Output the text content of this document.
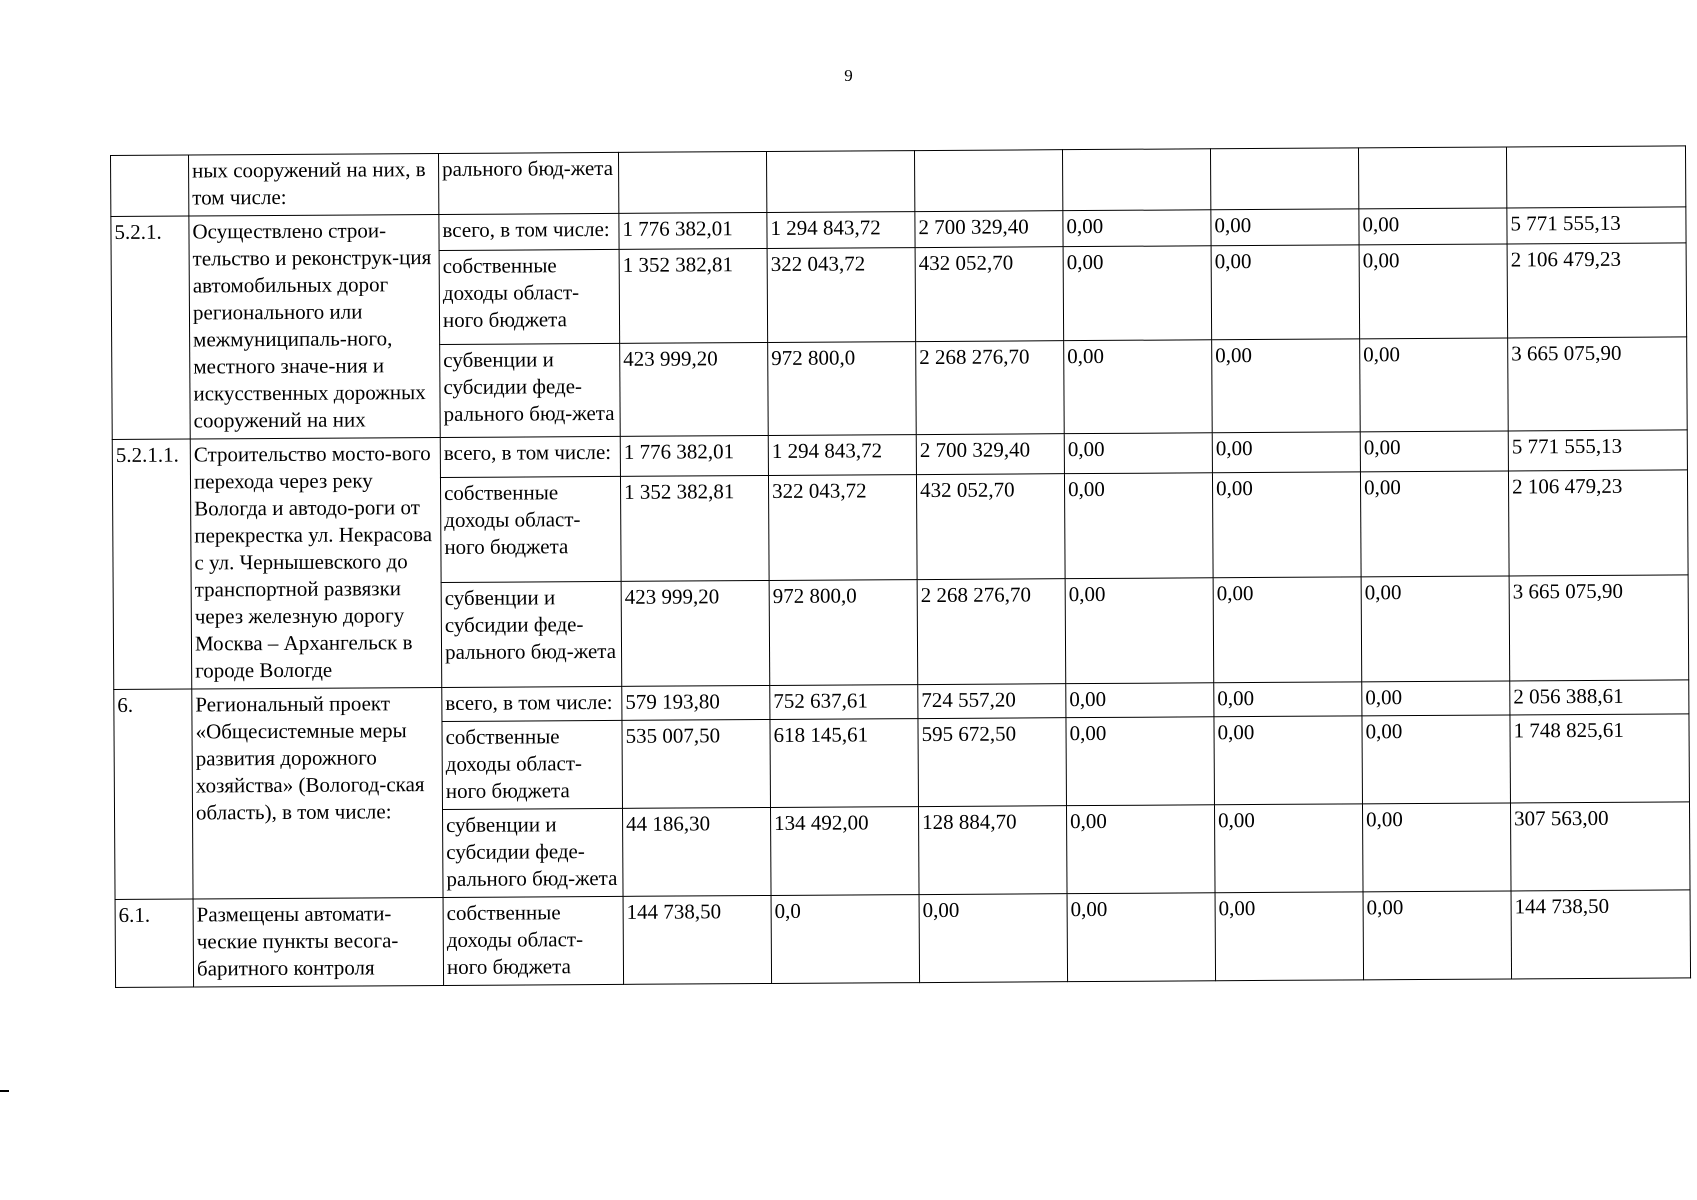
9
	ных сооружений на них, в том числе:	рального бюд-жета							
5.2.1.	Осуществлено строи-тельство и реконструк-ция автомобильных дорог регионального или межмуниципаль-ного, местного значе-ния и искусственных дорожных сооружений на них	всего, в том числе:	1 776 382,01	1 294 843,72	2 700 329,40	0,00	0,00	0,00	5 771 555,13
		собственные доходы област-ного бюджета	1 352 382,81	322 043,72	432 052,70	0,00	0,00	0,00	2 106 479,23
		субвенции и субсидии феде-рального бюд-жета	423 999,20	972 800,0	2 268 276,70	0,00	0,00	0,00	3 665 075,90
5.2.1.1.	Строительство мосто-вого перехода через реку Вологда и автодо-роги от перекрестка ул. Некрасова с ул. Чернышевского до транспортной развязки через железную дорогу Москва – Архангельск в городе Вологде	всего, в том числе:	1 776 382,01	1 294 843,72	2 700 329,40	0,00	0,00	0,00	5 771 555,13
		собственные доходы област-ного бюджета	1 352 382,81	322 043,72	432 052,70	0,00	0,00	0,00	2 106 479,23
		субвенции и субсидии феде-рального бюд-жета	423 999,20	972 800,0	2 268 276,70	0,00	0,00	0,00	3 665 075,90
6.	Региональный проект «Общесистемные меры развития дорожного хозяйства» (Вологод-ская область), в том числе:	всего, в том числе:	579 193,80	752 637,61	724 557,20	0,00	0,00	0,00	2 056 388,61
		собственные доходы област-ного бюджета	535 007,50	618 145,61	595 672,50	0,00	0,00	0,00	1 748 825,61
		субвенции и субсидии феде-рального бюд-жета	44 186,30	134 492,00	128 884,70	0,00	0,00	0,00	307 563,00
6.1.	Размещены автомати-ческие пункты весога-баритного контроля	собственные доходы област-ного бюджета	144 738,50	0,0	0,00	0,00	0,00	0,00	144 738,50
